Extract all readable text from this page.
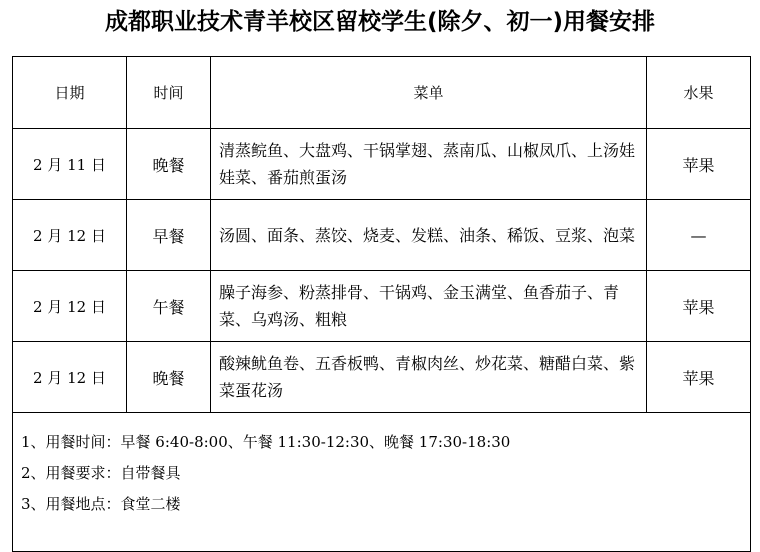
成都职业技术青羊校区留校学生(除夕、初一)用餐安排
日期	时间	菜单	水果
2 月 11 日	晚餐	清蒸鲩鱼、大盘鸡、干锅掌翅、蒸南瓜、山椒凤爪、上汤娃娃菜、番茄煎蛋汤	苹果
2 月 12 日	早餐	汤圆、面条、蒸饺、烧麦、发糕、油条、稀饭、豆浆、泡菜	—
2 月 12 日	午餐	臊子海参、粉蒸排骨、干锅鸡、金玉满堂、鱼香茄子、青菜、乌鸡汤、粗粮	苹果
2 月 12 日	晚餐	酸辣鱿鱼卷、五香板鸭、青椒肉丝、炒花菜、糖醋白菜、紫菜蛋花汤	苹果

1、用餐时间：早餐 6:40-8:00、午餐 11:30-12:30、晚餐 17:30-18:30
2、用餐要求：自带餐具
3、用餐地点：食堂二楼			
